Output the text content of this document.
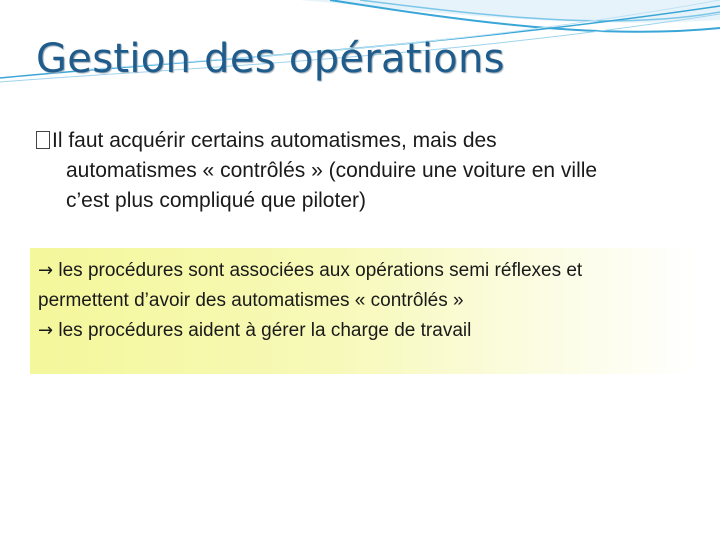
Gestion des opérations
Il faut acquérir certains automatismes, mais des
automatismes « contrôlés » (conduire une voiture en ville
c’est plus compliqué que piloter)
→ les procédures sont associées aux opérations semi réflexes et
permettent d’avoir des automatismes « contrôlés »
→ les procédures aident à gérer la charge de travail
